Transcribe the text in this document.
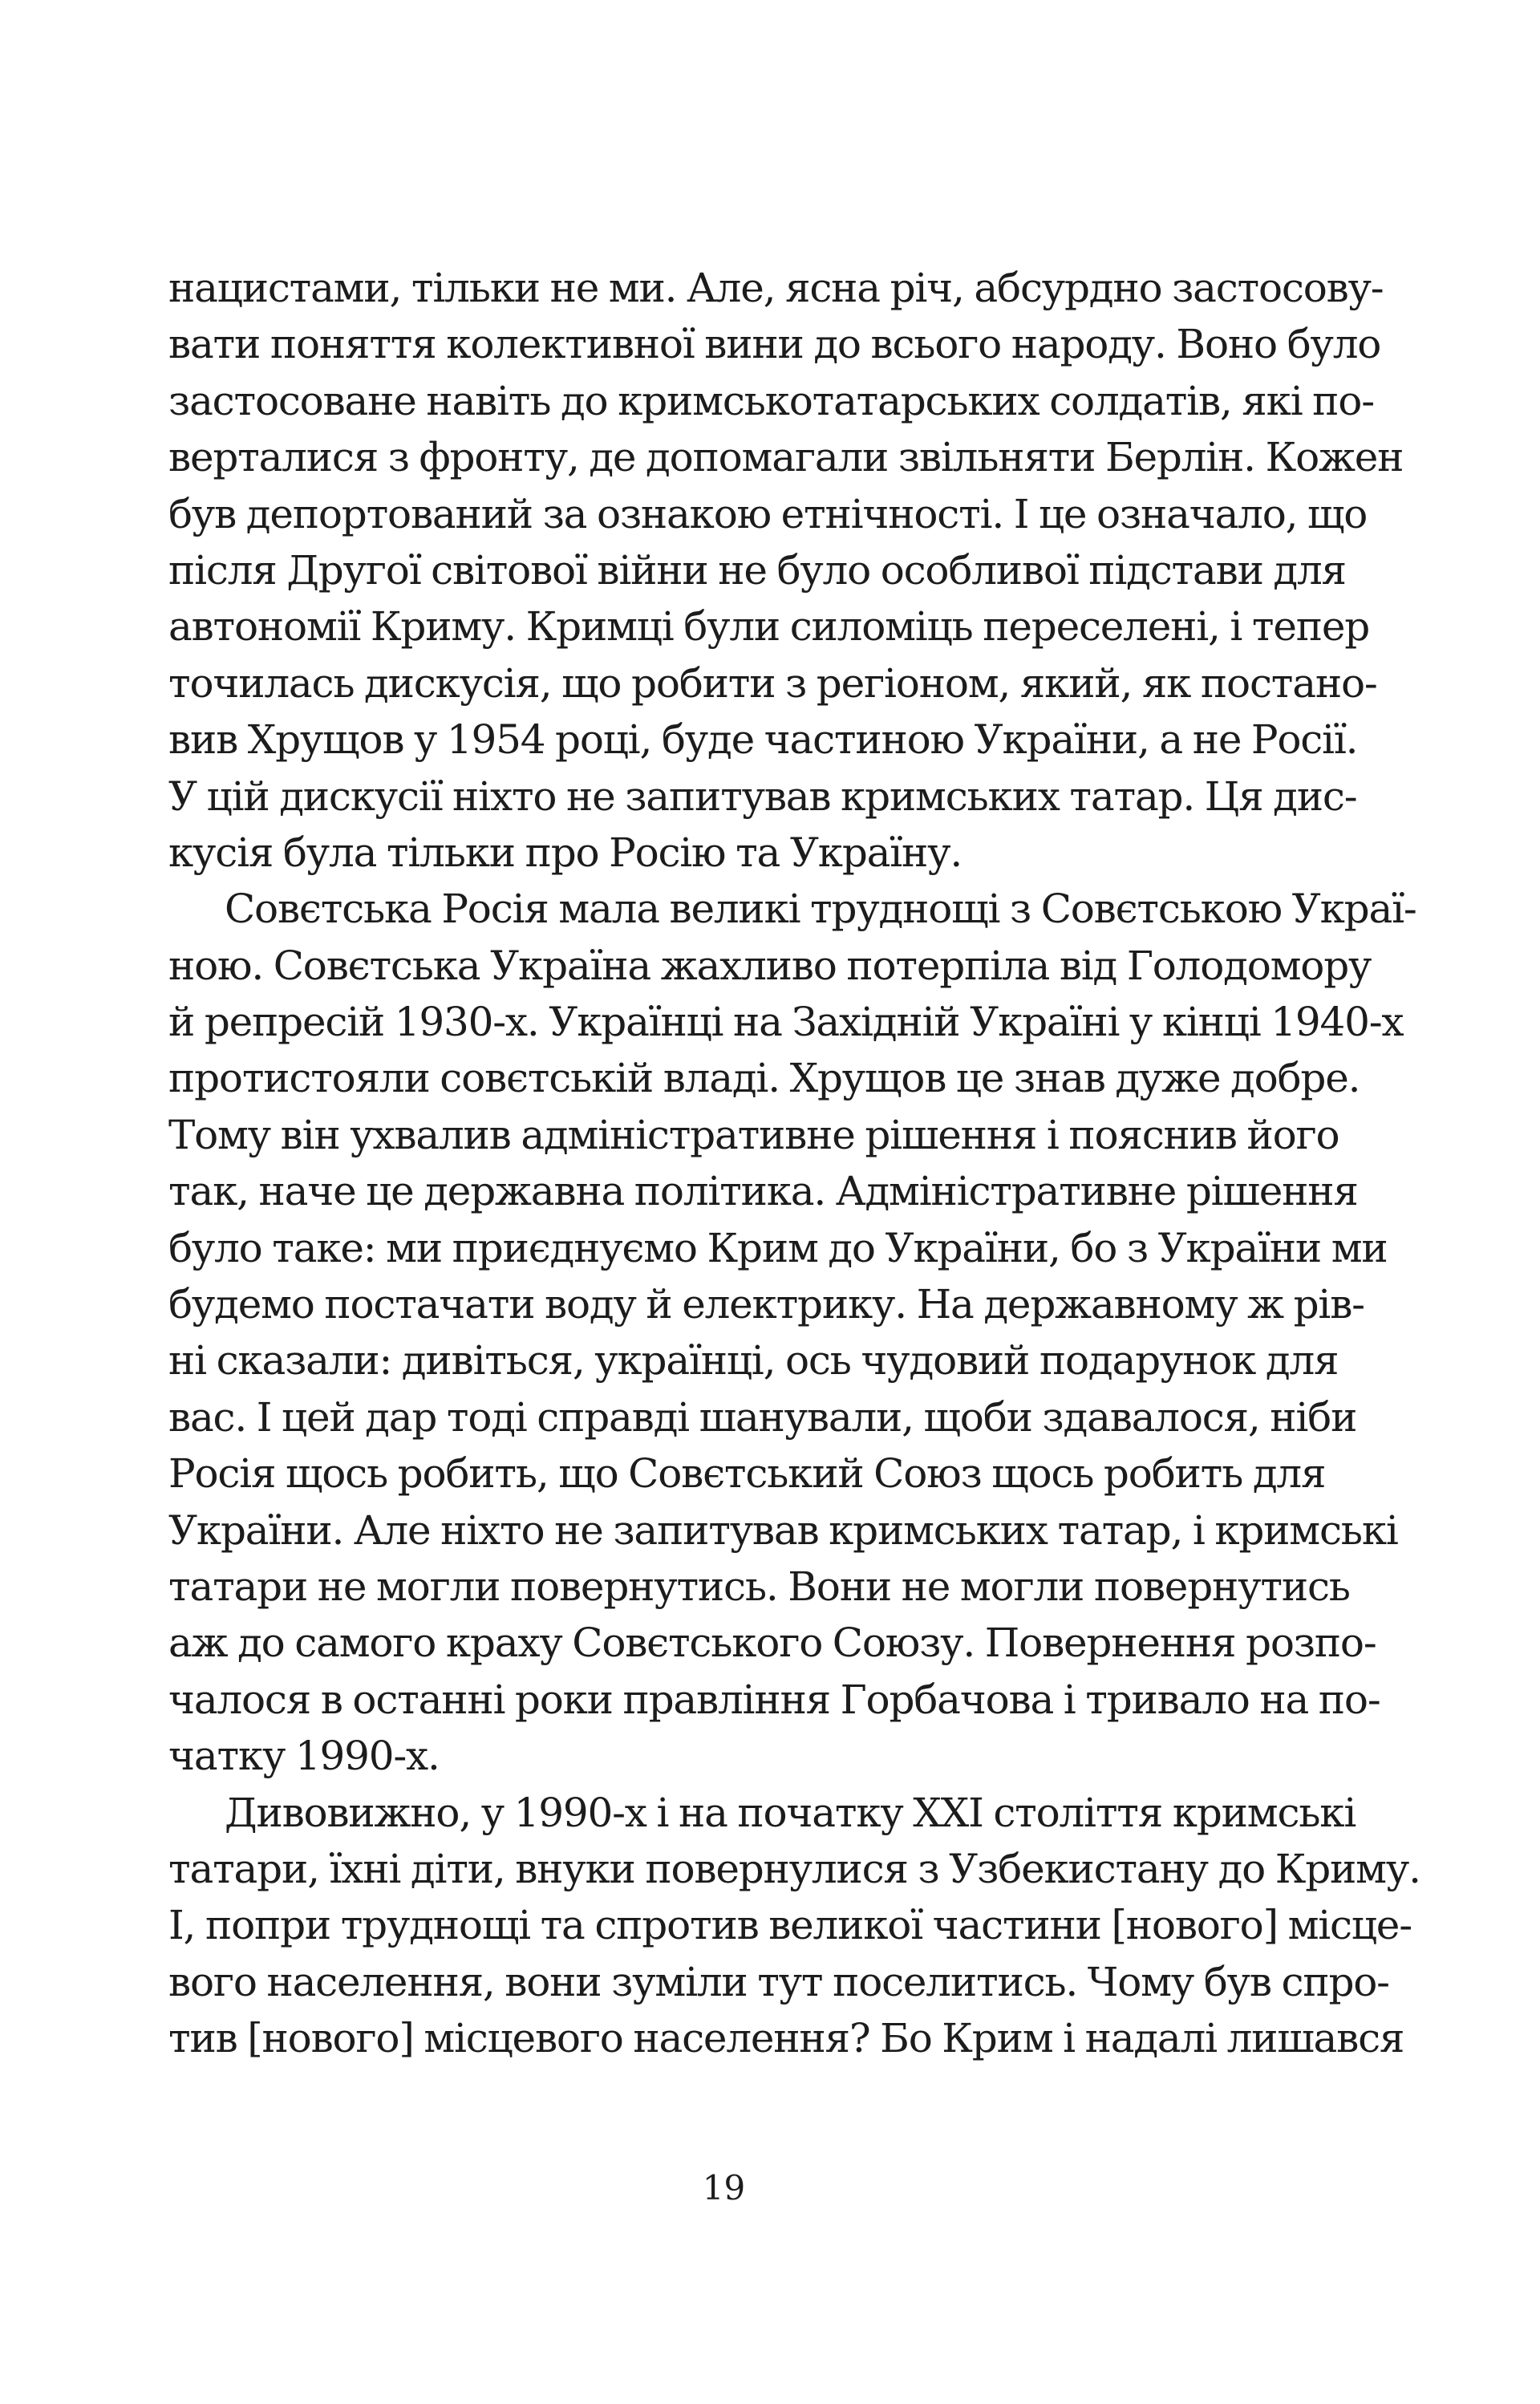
нацистами, тільки не ми. Але, ясна річ, абсурдно застосову-
вати поняття колективної вини до всього народу. Воно було
застосоване навіть до кримськотатарських солдатів, які по-
верталися з фронту, де допомагали звільняти Берлін. Кожен
був депортований за ознакою етнічності. І це означало, що
після Другої світової війни не було особливої підстави для
автономії Криму. Кримці були силоміць переселені, і тепер
точилась дискусія, що робити з регіоном, який, як постано-
вив Хрущов у 1954 році, буде частиною України, а не Росії.
У цій дискусії ніхто не запитував кримських татар. Ця дис-
кусія була тільки про Росію та Україну.
Совєтська Росія мала великі труднощі з Совєтською Украї-
ною. Совєтська Україна жахливо потерпіла від Голодомору
й репресій 1930-х. Українці на Західній Україні у кінці 1940-х
протистояли совєтській владі. Хрущов це знав дуже добре.
Тому він ухвалив адміністративне рішення і пояснив його
так, наче це державна політика. Адміністративне рішення
було таке: ми приєднуємо Крим до України, бо з України ми
будемо постачати воду й електрику. На державному ж рів-
ні сказали: дивіться, українці, ось чудовий подарунок для
вас. І цей дар тоді справді шанували, щоби здавалося, ніби
Росія щось робить, що Совєтський Союз щось робить для
України. Але ніхто не запитував кримських татар, і кримські
татари не могли повернутись. Вони не могли повернутись
аж до самого краху Совєтського Союзу. Повернення розпо-
чалося в останні роки правління Горбачова і тривало на по-
чатку 1990-х.
Дивовижно, у 1990-х і на початку XXI століття кримські
татари, їхні діти, внуки повернулися з Узбекистану до Криму.
І, попри труднощі та спротив великої частини [нового] місце-
вого населення, вони зуміли тут поселитись. Чому був спро-
тив [нового] місцевого населення? Бо Крим і надалі лишався
19
